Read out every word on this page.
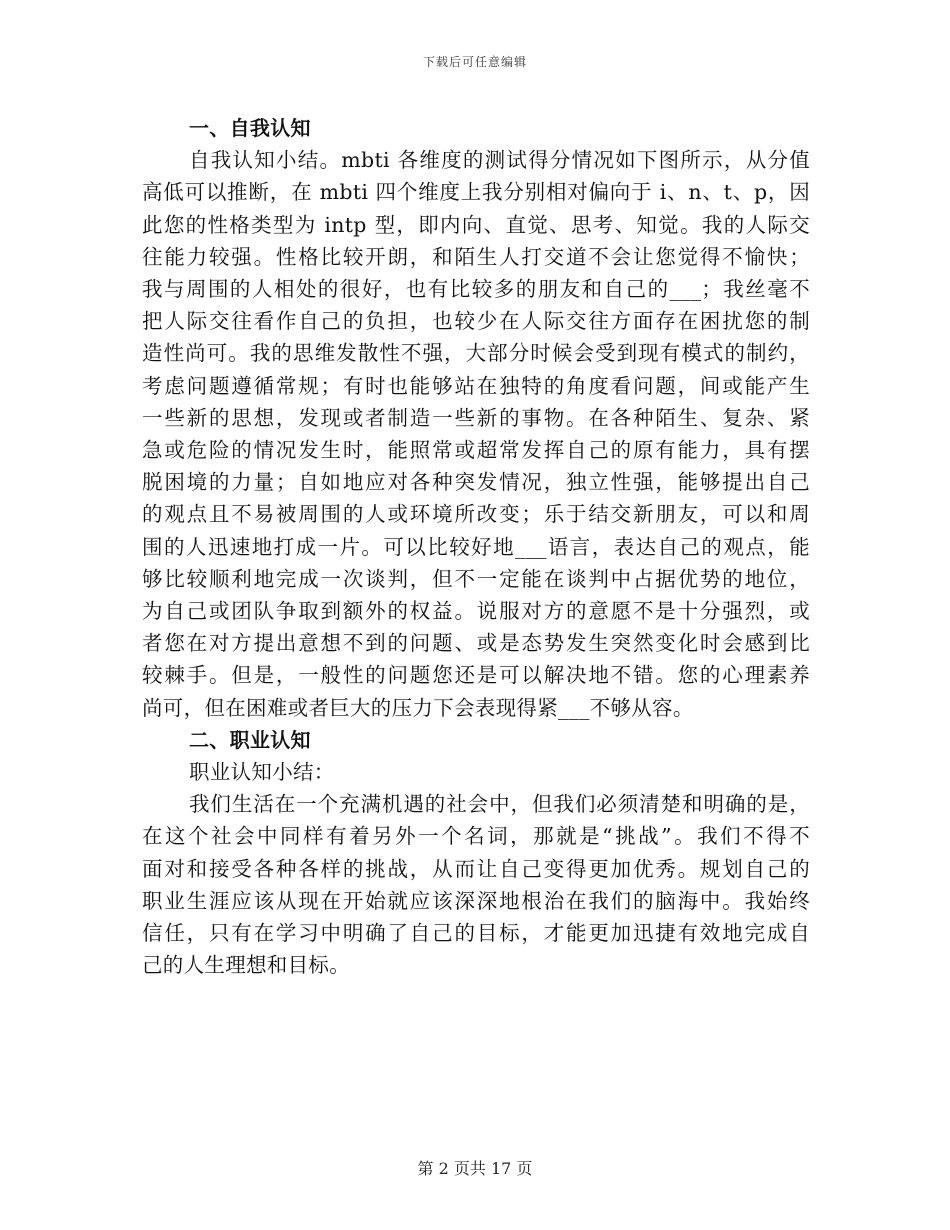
下载后可任意编辑
一、自我认知
自我认知小结。mbti 各维度的测试得分情况如下图所示，从分值
高低可以推断，在 mbti 四个维度上我分别相对偏向于 i、n、t、p，因
此您的性格类型为 intp 型，即内向、直觉、思考、知觉。我的人际交
往能力较强。性格比较开朗，和陌生人打交道不会让您觉得不愉快；
我与周围的人相处的很好，也有比较多的朋友和自己的___；我丝毫不
把人际交往看作自己的负担，也较少在人际交往方面存在困扰您的制
造性尚可。我的思维发散性不强，大部分时候会受到现有模式的制约，
考虑问题遵循常规；有时也能够站在独特的角度看问题，间或能产生
一些新的思想，发现或者制造一些新的事物。在各种陌生、复杂、紧
急或危险的情况发生时，能照常或超常发挥自己的原有能力，具有摆
脱困境的力量；自如地应对各种突发情况，独立性强，能够提出自己
的观点且不易被周围的人或环境所改变；乐于结交新朋友，可以和周
围的人迅速地打成一片。可以比较好地___语言，表达自己的观点，能
够比较顺利地完成一次谈判，但不一定能在谈判中占据优势的地位，
为自己或团队争取到额外的权益。说服对方的意愿不是十分强烈，或
者您在对方提出意想不到的问题、或是态势发生突然变化时会感到比
较棘手。但是，一般性的问题您还是可以解决地不错。您的心理素养
尚可，但在困难或者巨大的压力下会表现得紧___不够从容。
二、职业认知
职业认知小结：
我们生活在一个充满机遇的社会中，但我们必须清楚和明确的是，
在这个社会中同样有着另外一个名词，那就是“挑战”。我们不得不
面对和接受各种各样的挑战，从而让自己变得更加优秀。规划自己的
职业生涯应该从现在开始就应该深深地根治在我们的脑海中。我始终
信任，只有在学习中明确了自己的目标，才能更加迅捷有效地完成自
己的人生理想和目标。
第 2 页共 17 页
